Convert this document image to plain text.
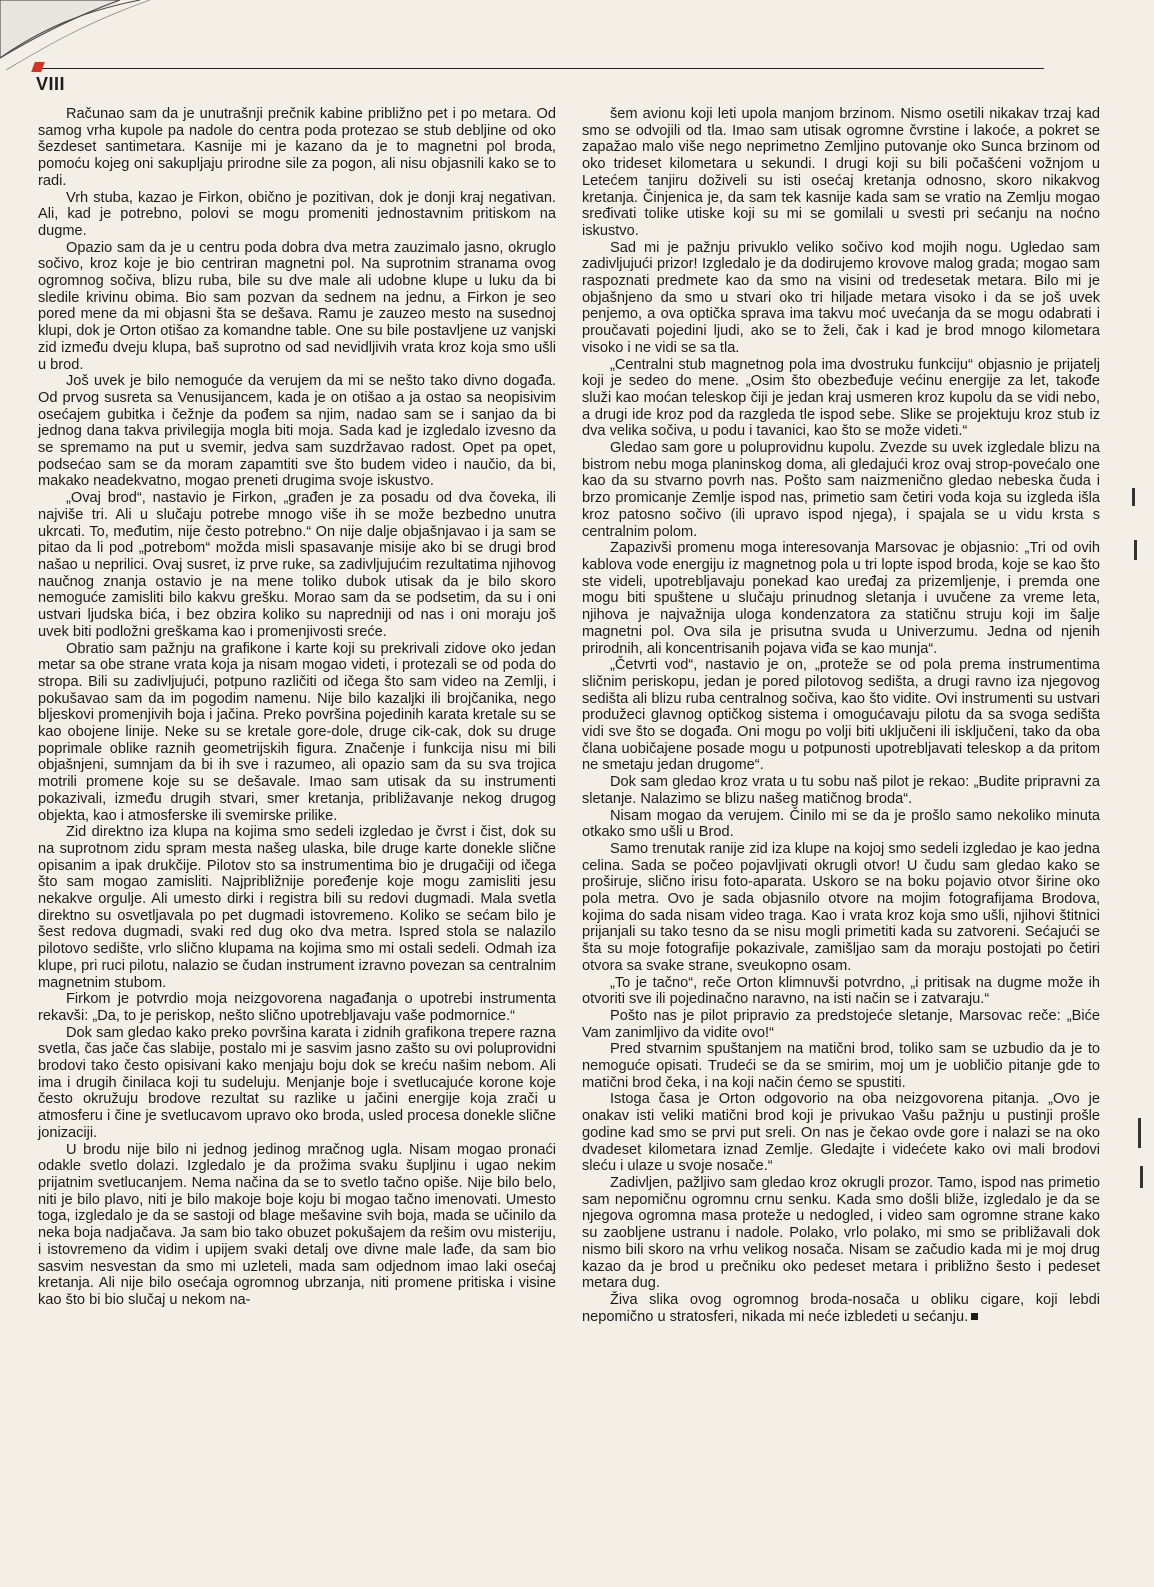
VIII

Računao sam da je unutrašnji prečnik kabine približno pet i po metara. Od samog vrha kupole pa nadole do centra poda protezao se stub debljine od oko šezdeset santimetara. Kasnije mi je kazano da je to magnetni pol broda, pomoću kojeg oni sakupljaju prirodne sile za pogon, ali nisu objasnili kako se to radi.

Vrh stuba, kazao je Firkon, obično je pozitivan, dok je donji kraj negativan. Ali, kad je potrebno, polovi se mogu promeniti jednostavnim pritiskom na dugme.

Opazio sam da je u centru poda dobra dva metra zauzimalo jasno, okruglo sočivo, kroz koje je bio centriran magnetni pol. Na suprotnim stranama ovog ogromnog sočiva, blizu ruba, bile su dve male ali udobne klupe u luku da bi sledile krivinu obima. Bio sam pozvan da sednem na jednu, a Firkon je seo pored mene da mi objasni šta se dešava. Ramu je zauzeo mesto na susednoj klupi, dok je Orton otišao za komandne table. One su bile postavljene uz vanjski zid između dveju klupa, baš suprotno od sad nevidljivih vrata kroz koja smo ušli u brod.

Još uvek je bilo nemoguće da verujem da mi se nešto tako divno događa. Od prvog susreta sa Venusijancem, kada je on otišao a ja ostao sa neopisivim osećajem gubitka i čežnje da pođem sa njim, nadao sam se i sanjao da bi jednog dana takva privilegija mogla biti moja. Sada kad je izgledalo izvesno da se spremamo na put u svemir, jedva sam suzdržavao radost. Opet pa opet, podsećao sam se da moram zapamtiti sve što budem video i naučio, da bi, makako neadekvatno, mogao preneti drugima svoje iskustvo.

„Ovaj brod“, nastavio je Firkon, „građen je za posadu od dva čoveka, ili najviše tri. Ali u slučaju potrebe mnogo više ih se može bezbedno unutra ukrcati. To, međutim, nije često potrebno.“ On nije dalje objašnjavao i ja sam se pitao da li pod „potrebom“ možda misli spasavanje misije ako bi se drugi brod našao u neprilici. Ovaj susret, iz prve ruke, sa zadivljujućim rezultatima njihovog naučnog znanja ostavio je na mene toliko dubok utisak da je bilo skoro nemoguće zamisliti bilo kakvu grešku. Morao sam da se podsetim, da su i oni ustvari ljudska bića, i bez obzira koliko su napredniji od nas i oni moraju još uvek biti podložni greškama kao i promenjivosti sreće.

Obratio sam pažnju na grafikone i karte koji su prekrivali zidove oko jedan metar sa obe strane vrata koja ja nisam mogao videti, i protezali se od poda do stropa. Bili su zadivljujući, potpuno različiti od ičega što sam video na Zemlji, i pokušavao sam da im pogodim namenu. Nije bilo kazaljki ili brojčanika, nego bljeskovi promenjivih boja i jačina. Preko površina pojedinih karata kretale su se kao obojene linije. Neke su se kretale gore-dole, druge cik-cak, dok su druge poprimale oblike raznih geometrijskih figura. Značenje i funkcija nisu mi bili objašnjeni, sumnjam da bi ih sve i razumeo, ali opazio sam da su sva trojica motrili promene koje su se dešavale. Imao sam utisak da su instrumenti pokazivali, između drugih stvari, smer kretanja, približavanje nekog drugog objekta, kao i atmosferske ili svemirske prilike.

Zid direktno iza klupa na kojima smo sedeli izgledao je čvrst i čist, dok su na suprotnom zidu spram mesta našeg ulaska, bile druge karte donekle slične opisanim a ipak drukčije. Pilotov sto sa instrumentima bio je drugačiji od ičega što sam mogao zamisliti. Najpribližnije poređenje koje mogu zamisliti jesu nekakve orgulje. Ali umesto dirki i registra bili su redovi dugmadi. Mala svetla direktno su osvetljavala po pet dugmadi istovremeno. Koliko se sećam bilo je šest redova dugmadi, svaki red dug oko dva metra. Ispred stola se nalazilo pilotovo sedište, vrlo slično klupama na kojima smo mi ostali sedeli. Odmah iza klupe, pri ruci pilotu, nalazio se čudan instrument izravno povezan sa centralnim magnetnim stubom.

Firkom je potvrdio moja neizgovorena nagađanja o upotrebi instrumenta rekavši: „Da, to je periskop, nešto slično upotrebljavaju vaše podmornice.“

Dok sam gledao kako preko površina karata i zidnih grafikona trepere razna svetla, čas jače čas slabije, postalo mi je sasvim jasno zašto su ovi poluprovidni brodovi tako često opisivani kako menjaju boju dok se kreću našim nebom. Ali ima i drugih činilaca koji tu sudeluju. Menjanje boje i svetlucajuće korone koje često okružuju brodove rezultat su razlike u jačini energije koja zrači u atmosferu i čine je svetlucavom upravo oko broda, usled procesa donekle slične jonizaciji.

U brodu nije bilo ni jednog jedinog mračnog ugla. Nisam mogao pronaći odakle svetlo dolazi. Izgledalo je da prožima svaku šupljinu i ugao nekim prijatnim svetlucanjem. Nema načina da se to svetlo tačno opiše. Nije bilo belo, niti je bilo plavo, niti je bilo makoje boje koju bi mogao tačno imenovati. Umesto toga, izgledalo je da se sastoji od blage mešavine svih boja, mada se učinilo da neka boja nadjačava. Ja sam bio tako obuzet pokušajem da rešim ovu misteriju, i istovremeno da vidim i upijem svaki detalj ove divne male lađe, da sam bio sasvim nesvestan da smo mi uzleteli, mada sam odjednom imao laki osećaj kretanja. Ali nije bilo osećaja ogromnog ubrzanja, niti promene pritiska i visine kao što bi bio slučaj u nekom na-

šem avionu koji leti upola manjom brzinom. Nismo osetili nikakav trzaj kad smo se odvojili od tla. Imao sam utisak ogromne čvrstine i lakoće, a pokret se zapažao malo više nego neprimetno Zemljino putovanje oko Sunca brzinom od oko trideset kilometara u sekundi. I drugi koji su bili počašćeni vožnjom u Letećem tanjiru doživeli su isti osećaj kretanja odnosno, skoro nikakvog kretanja. Činjenica je, da sam tek kasnije kada sam se vratio na Zemlju mogao sređivati tolike utiske koji su mi se gomilali u svesti pri sećanju na noćno iskustvo.

Sad mi je pažnju privuklo veliko sočivo kod mojih nogu. Ugledao sam zadivljujući prizor! Izgledalo je da dodirujemo krovove malog grada; mogao sam raspoznati predmete kao da smo na visini od tredesetak metara. Bilo mi je objašnjeno da smo u stvari oko tri hiljade metara visoko i da se još uvek penjemo, a ova optička sprava ima takvu moć uvećanja da se mogu odabrati i proučavati pojedini ljudi, ako se to želi, čak i kad je brod mnogo kilometara visoko i ne vidi se sa tla.

„Centralni stub magnetnog pola ima dvostruku funkciju“ objasnio je prijatelj koji je sedeo do mene. „Osim što obezbeđuje većinu energije za let, takođe služi kao moćan teleskop čiji je jedan kraj usmeren kroz kupolu da se vidi nebo, a drugi ide kroz pod da razgleda tle ispod sebe. Slike se projektuju kroz stub iz dva velika sočiva, u podu i tavanici, kao što se može videti.“

Gledao sam gore u poluprovidnu kupolu. Zvezde su uvek izgledale blizu na bistrom nebu moga planinskog doma, ali gledajući kroz ovaj strop-povećalo one kao da su stvarno povrh nas. Pošto sam naizmenično gledao nebeska čuda i brzo promicanje Zemlje ispod nas, primetio sam četiri voda koja su izgleda išla kroz patosno sočivo (ili upravo ispod njega), i spajala se u vidu krsta s centralnim polom.

Zapazivši promenu moga interesovanja Marsovac je objasnio: „Tri od ovih kablova vode energiju iz magnetnog pola u tri lopte ispod broda, koje se kao što ste videli, upotrebljavaju ponekad kao uređaj za prizemljenje, i premda one mogu biti spuštene u slučaju prinudnog sletanja i uvučene za vreme leta, njihova je najvažnija uloga kondenzatora za statičnu struju koji im šalje magnetni pol. Ova sila je prisutna svuda u Univerzumu. Jedna od njenih prirodnih, ali koncentrisanih pojava viđa se kao munja“.

„Četvrti vod“, nastavio je on, „proteže se od pola prema instrumentima sličnim periskopu, jedan je pored pilotovog sedišta, a drugi ravno iza njegovog sedišta ali blizu ruba centralnog sočiva, kao što vidite. Ovi instrumenti su ustvari produžeci glavnog optičkog sistema i omogućavaju pilotu da sa svoga sedišta vidi sve što se događa. Oni mogu po volji biti uključeni ili isključeni, tako da oba člana uobičajene posade mogu u potpunosti upotrebljavati teleskop a da pritom ne smetaju jedan drugome“.

Dok sam gledao kroz vrata u tu sobu naš pilot je rekao: „Budite pripravni za sletanje. Nalazimo se blizu našeg matičnog broda“.

Nisam mogao da verujem. Činilo mi se da je prošlo samo nekoliko minuta otkako smo ušli u Brod.

Samo trenutak ranije zid iza klupe na kojoj smo sedeli izgledao je kao jedna celina. Sada se počeo pojavljivati okrugli otvor! U čudu sam gledao kako se proširuje, slično irisu foto-aparata. Uskoro se na boku pojavio otvor širine oko pola metra. Ovo je sada objasnilo otvore na mojim fotografijama Brodova, kojima do sada nisam video traga. Kao i vrata kroz koja smo ušli, njihovi štitnici prijanjali su tako tesno da se nisu mogli primetiti kada su zatvoreni. Sećajući se šta su moje fotografije pokazivale, zamišljao sam da moraju postojati po četiri otvora sa svake strane, sveukopno osam.

„To je tačno“, reče Orton klimnuvši potvrdno, „i pritisak na dugme može ih otvoriti sve ili pojedinačno naravno, na isti način se i zatvaraju.“

Pošto nas je pilot pripravio za predstojeće sletanje, Marsovac reče: „Biće Vam zanimljivo da vidite ovo!“

Pred stvarnim spuštanjem na matični brod, toliko sam se uzbudio da je to nemoguće opisati. Trudeći se da se smirim, moj um je uobličio pitanje gde to matični brod čeka, i na koji način ćemo se spustiti.

Istoga časa je Orton odgovorio na oba neizgovorena pitanja. „Ovo je onakav isti veliki matični brod koji je privukao Vašu pažnju u pustinji prošle godine kad smo se prvi put sreli. On nas je čekao ovde gore i nalazi se na oko dvadeset kilometara iznad Zemlje. Gledajte i videćete kako ovi mali brodovi sleću i ulaze u svoje nosače.“

Zadivljen, pažljivo sam gledao kroz okrugli prozor. Tamo, ispod nas primetio sam nepomičnu ogromnu crnu senku. Kada smo došli bliže, izgledalo je da se njegova ogromna masa proteže u nedogled, i video sam ogromne strane kako su zaobljene ustranu i nadole. Polako, vrlo polako, mi smo se približavali dok nismo bili skoro na vrhu velikog nosača. Nisam se začudio kada mi je moj drug kazao da je brod u prečniku oko pedeset metara i približno šesto i pedeset metara dug.

Živa slika ovog ogromnog broda-nosača u obliku cigare, koji lebdi nepomično u stratosferi, nikada mi neće izbledeti u sećanju.
